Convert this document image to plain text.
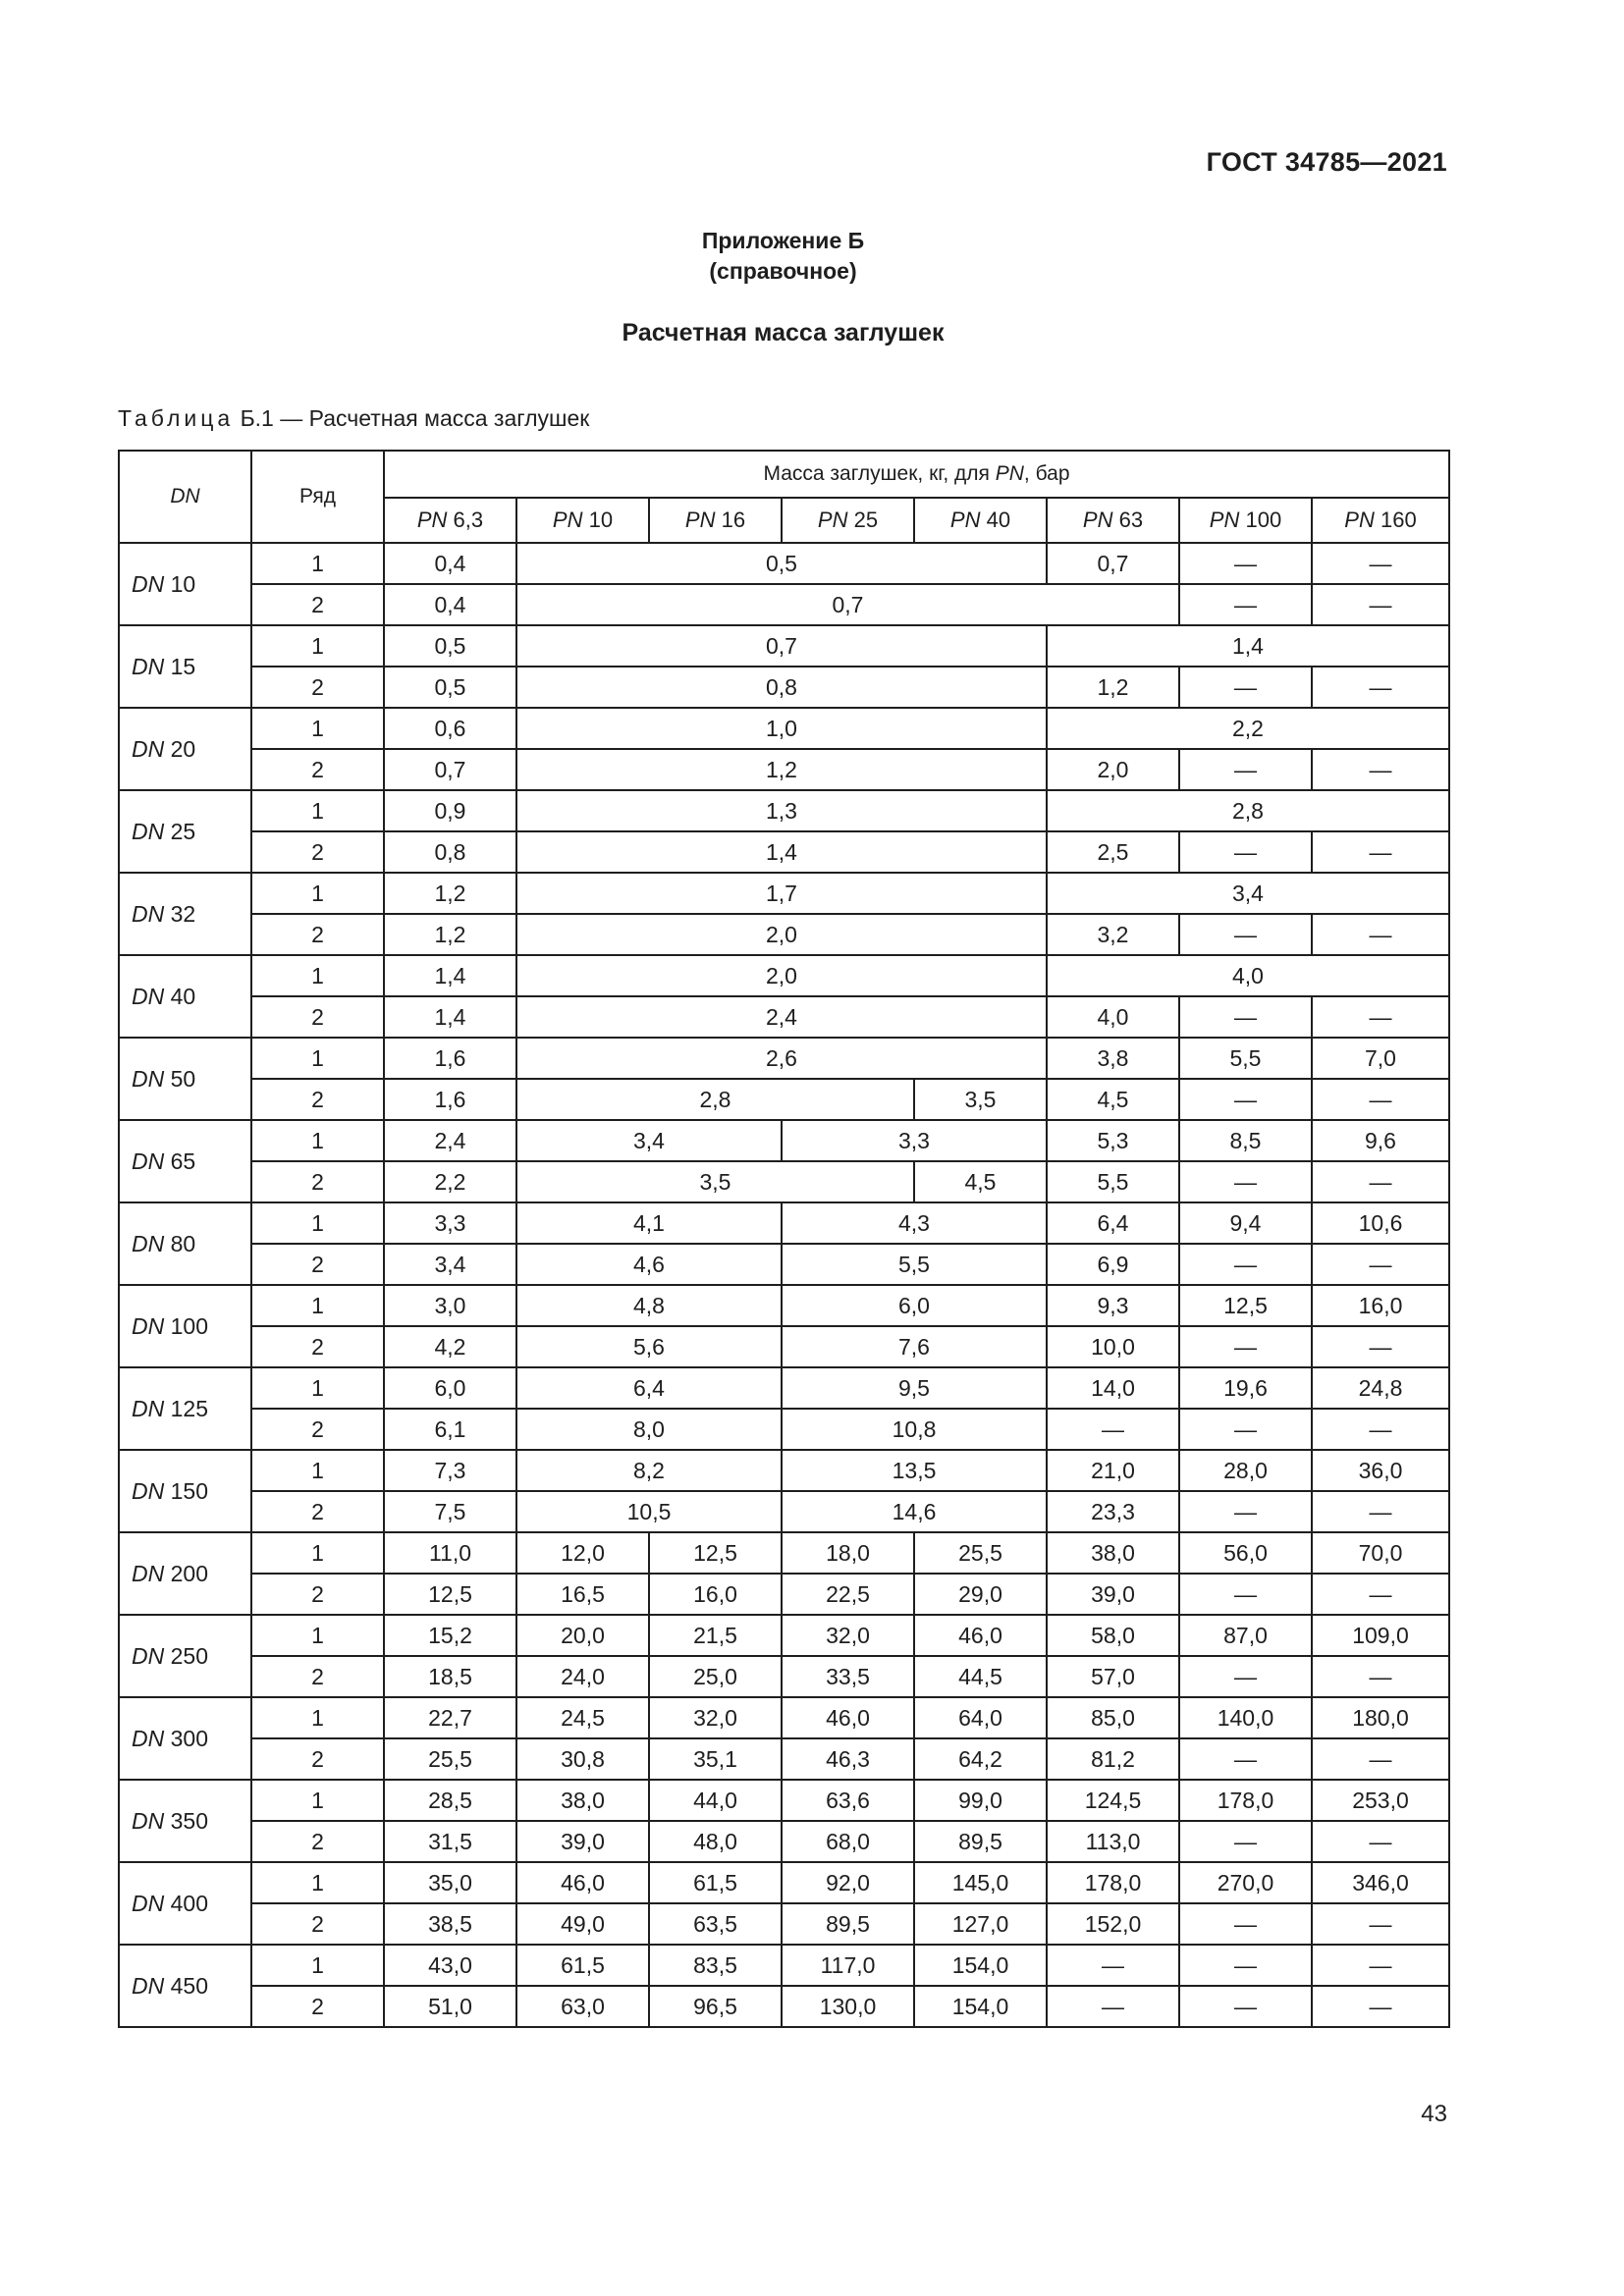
ГОСТ 34785—2021
Приложение Б
(справочное)
Расчетная масса заглушек
Таблица Б.1 — Расчетная масса заглушек
DN	Ряд	Масса заглушек, кг, для PN, бар							
		PN 6,3	PN 10	PN 16	PN 25	PN 40	PN 63	PN 100	PN 160
DN 10	1	0,4	0,5				0,7	—	—
	2	0,4	0,7					—	—
DN 15	1	0,5	0,7				1,4		
	2	0,5	0,8				1,2	—	—
DN 20	1	0,6	1,0				2,2		
	2	0,7	1,2				2,0	—	—
DN 25	1	0,9	1,3				2,8		
	2	0,8	1,4				2,5	—	—
DN 32	1	1,2	1,7				3,4		
	2	1,2	2,0				3,2	—	—
DN 40	1	1,4	2,0				4,0		
	2	1,4	2,4				4,0	—	—
DN 50	1	1,6	2,6				3,8	5,5	7,0
	2	1,6	2,8			3,5	4,5	—	—
DN 65	1	2,4	3,4		3,3		5,3	8,5	9,6
	2	2,2	3,5			4,5	5,5	—	—
DN 80	1	3,3	4,1		4,3		6,4	9,4	10,6
	2	3,4	4,6		5,5		6,9	—	—
DN 100	1	3,0	4,8		6,0		9,3	12,5	16,0
	2	4,2	5,6		7,6		10,0	—	—
DN 125	1	6,0	6,4		9,5		14,0	19,6	24,8
	2	6,1	8,0		10,8		—	—	—
DN 150	1	7,3	8,2		13,5		21,0	28,0	36,0
	2	7,5	10,5		14,6		23,3	—	—
DN 200	1	11,0	12,0	12,5	18,0	25,5	38,0	56,0	70,0
	2	12,5	16,5	16,0	22,5	29,0	39,0	—	—
DN 250	1	15,2	20,0	21,5	32,0	46,0	58,0	87,0	109,0
	2	18,5	24,0	25,0	33,5	44,5	57,0	—	—
DN 300	1	22,7	24,5	32,0	46,0	64,0	85,0	140,0	180,0
	2	25,5	30,8	35,1	46,3	64,2	81,2	—	—
DN 350	1	28,5	38,0	44,0	63,6	99,0	124,5	178,0	253,0
	2	31,5	39,0	48,0	68,0	89,5	113,0	—	—
DN 400	1	35,0	46,0	61,5	92,0	145,0	178,0	270,0	346,0
	2	38,5	49,0	63,5	89,5	127,0	152,0	—	—
DN 450	1	43,0	61,5	83,5	117,0	154,0	—	—	—
	2	51,0	63,0	96,5	130,0	154,0	—	—	—
43
